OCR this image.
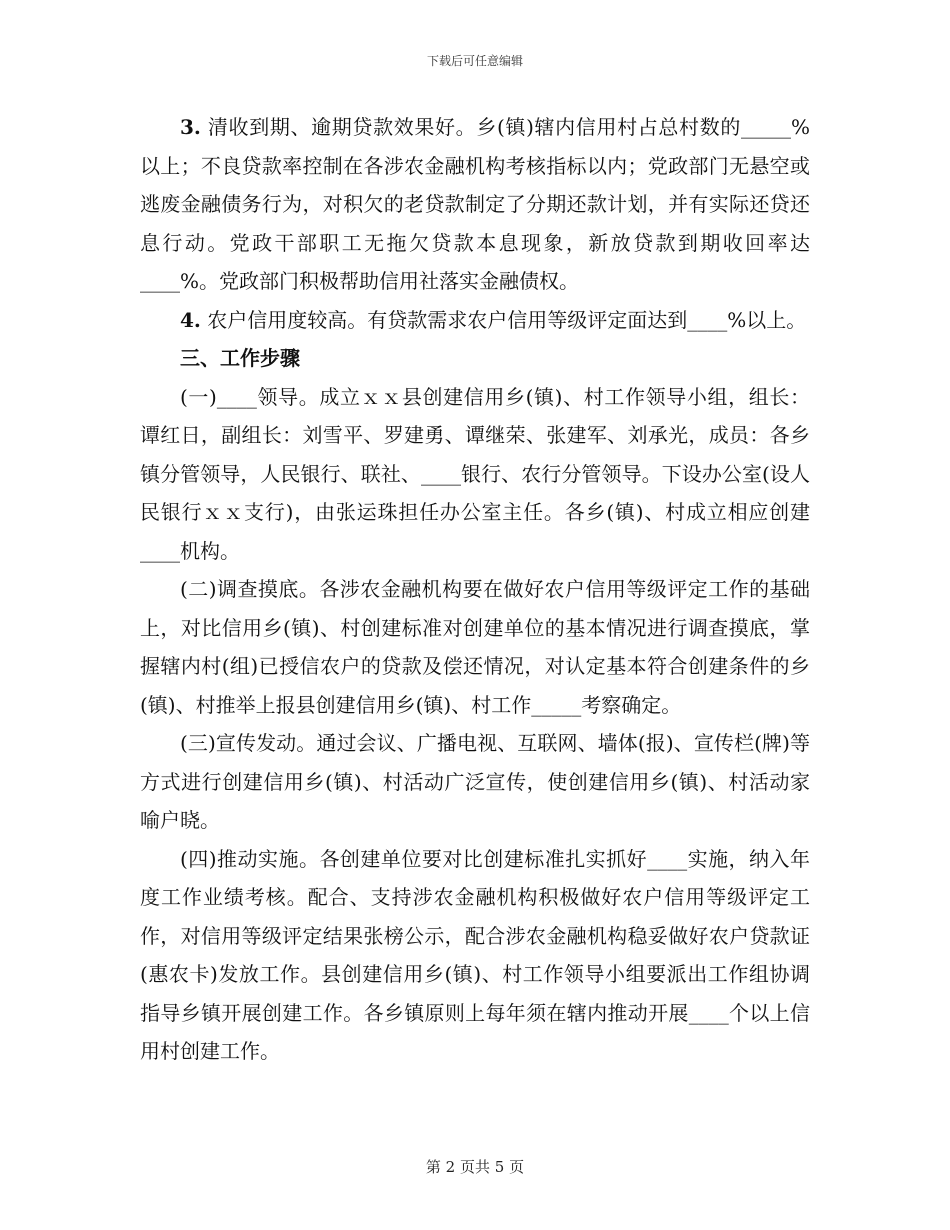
下载后可任意编辑

3. 清收到期、逾期贷款效果好。乡(镇)辖内信用村占总村数的_____%以上；不良贷款率控制在各涉农金融机构考核指标以内；党政部门无悬空或逃废金融债务行为，对积欠的老贷款制定了分期还款计划，并有实际还贷还息行动。党政干部职工无拖欠贷款本息现象，新放贷款到期收回率达____%。党政部门积极帮助信用社落实金融债权。

4. 农户信用度较高。有贷款需求农户信用等级评定面达到____%以上。

三、工作步骤

(一)____领导。成立ｘｘ县创建信用乡(镇)、村工作领导小组，组长：谭红日，副组长：刘雪平、罗建勇、谭继荣、张建军、刘承光，成员：各乡镇分管领导，人民银行、联社、____银行、农行分管领导。下设办公室(设人民银行ｘｘ支行)，由张运珠担任办公室主任。各乡(镇)、村成立相应创建____机构。

(二)调查摸底。各涉农金融机构要在做好农户信用等级评定工作的基础上，对比信用乡(镇)、村创建标准对创建单位的基本情况进行调查摸底，掌握辖内村(组)已授信农户的贷款及偿还情况，对认定基本符合创建条件的乡(镇)、村推举上报县创建信用乡(镇)、村工作_____考察确定。

(三)宣传发动。通过会议、广播电视、互联网、墙体(报)、宣传栏(牌)等方式进行创建信用乡(镇)、村活动广泛宣传，使创建信用乡(镇)、村活动家喻户晓。

(四)推动实施。各创建单位要对比创建标准扎实抓好____实施，纳入年度工作业绩考核。配合、支持涉农金融机构积极做好农户信用等级评定工作，对信用等级评定结果张榜公示，配合涉农金融机构稳妥做好农户贷款证(惠农卡)发放工作。县创建信用乡(镇)、村工作领导小组要派出工作组协调指导乡镇开展创建工作。各乡镇原则上每年须在辖内推动开展____个以上信用村创建工作。

第 2 页共 5 页
